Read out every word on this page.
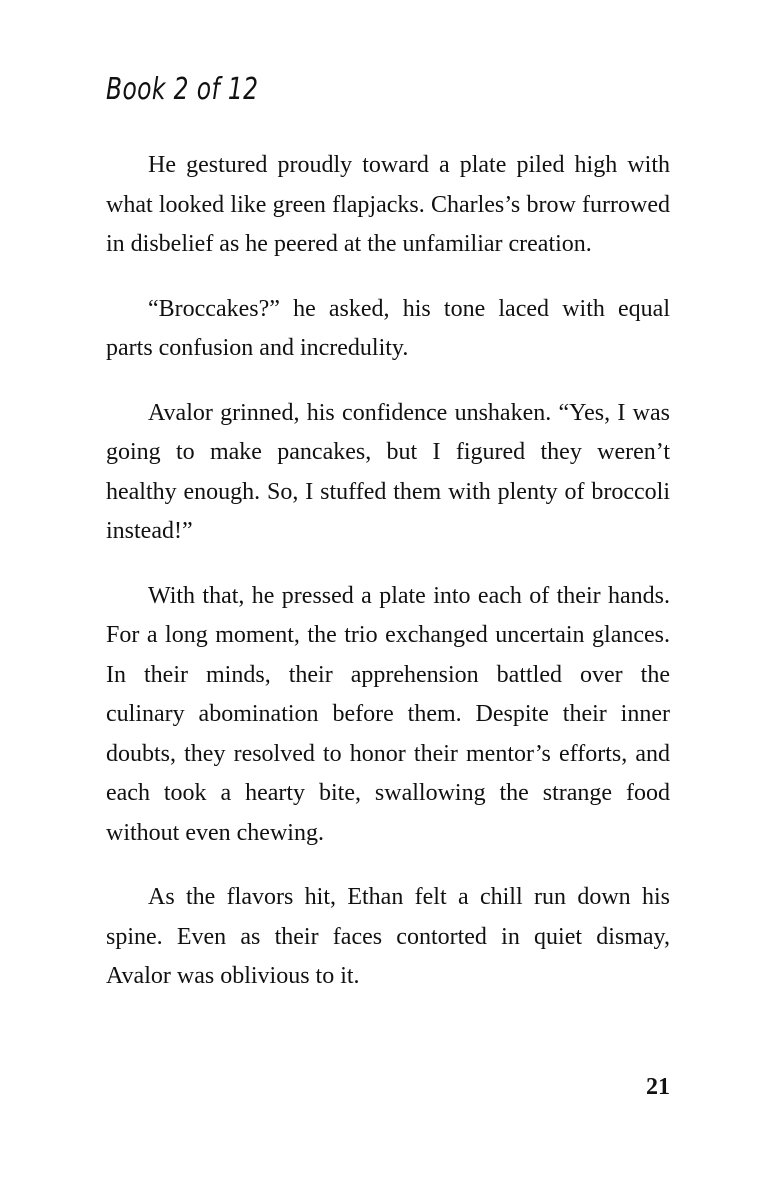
Book 2 of 12

He gestured proudly toward a plate piled high with what looked like green flapjacks. Charles’s brow furrowed in disbelief as he peered at the unfamiliar creation.

“Broccakes?” he asked, his tone laced with equal parts confusion and incredulity.

Avalor grinned, his confidence unshaken. “Yes, I was going to make pancakes, but I figured they weren’t healthy enough. So, I stuffed them with plenty of broccoli instead!”

With that, he pressed a plate into each of their hands. For a long moment, the trio exchanged uncertain glances. In their minds, their apprehension battled over the culinary abomination before them. Despite their inner doubts, they resolved to honor their mentor’s efforts, and each took a hearty bite, swallowing the strange food without even chewing.

As the flavors hit, Ethan felt a chill run down his spine. Even as their faces contorted in quiet dismay, Avalor was oblivious to it.

21
